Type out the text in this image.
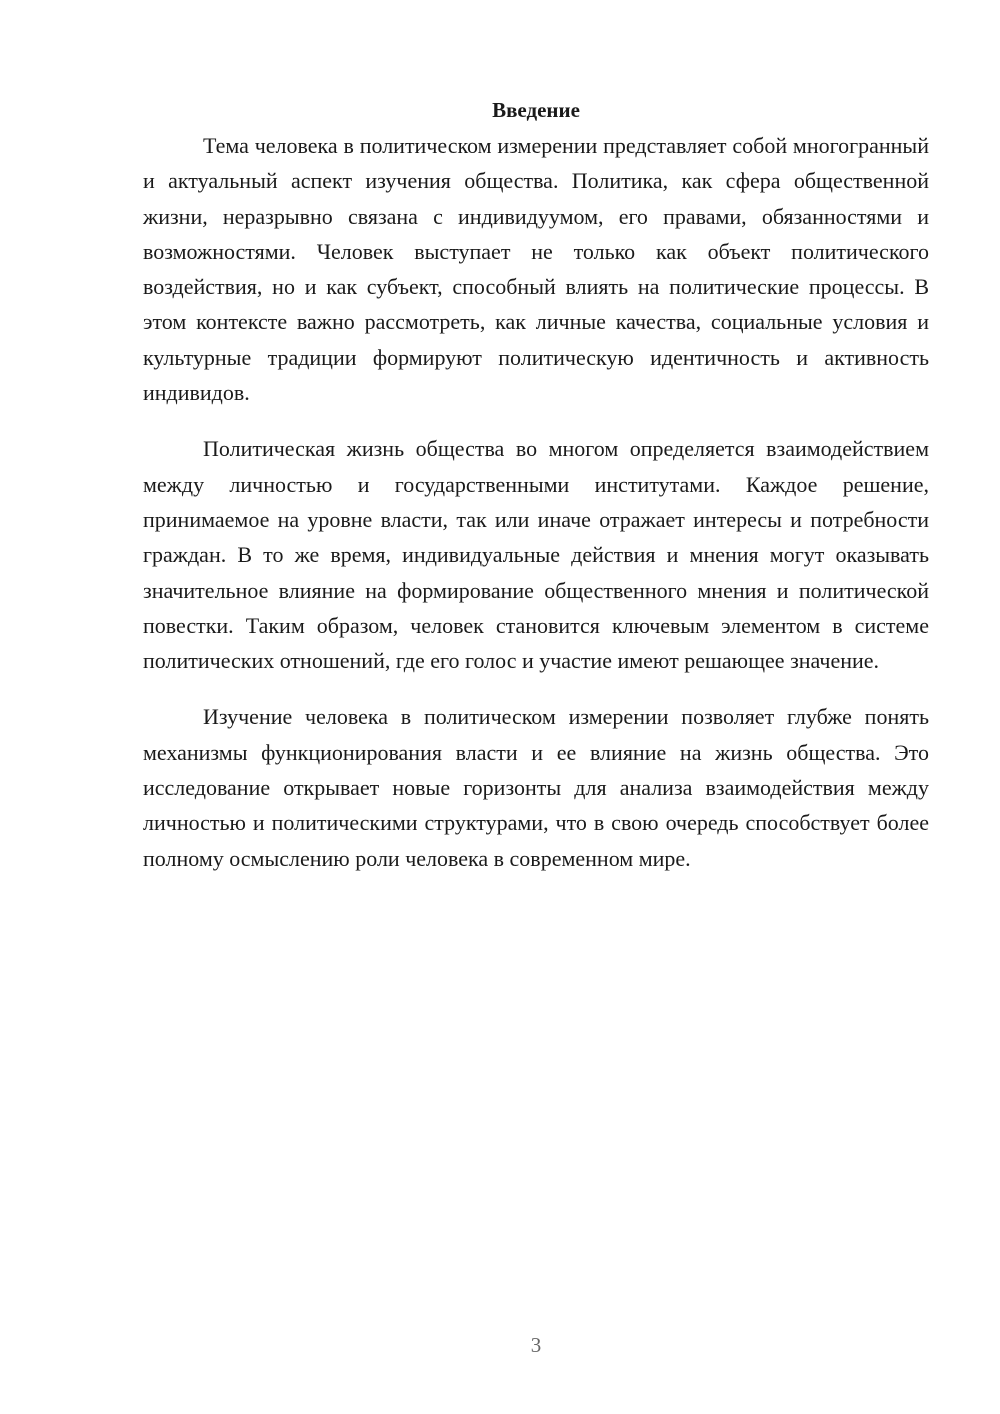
Введение

Тема человека в политическом измерении представляет собой многогранный и актуальный аспект изучения общества. Политика, как сфера общественной жизни, неразрывно связана с индивидуумом, его правами, обязанностями и возможностями. Человек выступает не только как объект политического воздействия, но и как субъект, способный влиять на политические процессы. В этом контексте важно рассмотреть, как личные качества, социальные условия и культурные традиции формируют политическую идентичность и активность индивидов.

Политическая жизнь общества во многом определяется взаимодействием между личностью и государственными институтами. Каждое решение, принимаемое на уровне власти, так или иначе отражает интересы и потребности граждан. В то же время, индивидуальные действия и мнения могут оказывать значительное влияние на формирование общественного мнения и политической повестки. Таким образом, человек становится ключевым элементом в системе политических отношений, где его голос и участие имеют решающее значение.

Изучение человека в политическом измерении позволяет глубже понять механизмы функционирования власти и ее влияние на жизнь общества. Это исследование открывает новые горизонты для анализа взаимодействия между личностью и политическими структурами, что в свою очередь способствует более полному осмыслению роли человека в современном мире.

3
